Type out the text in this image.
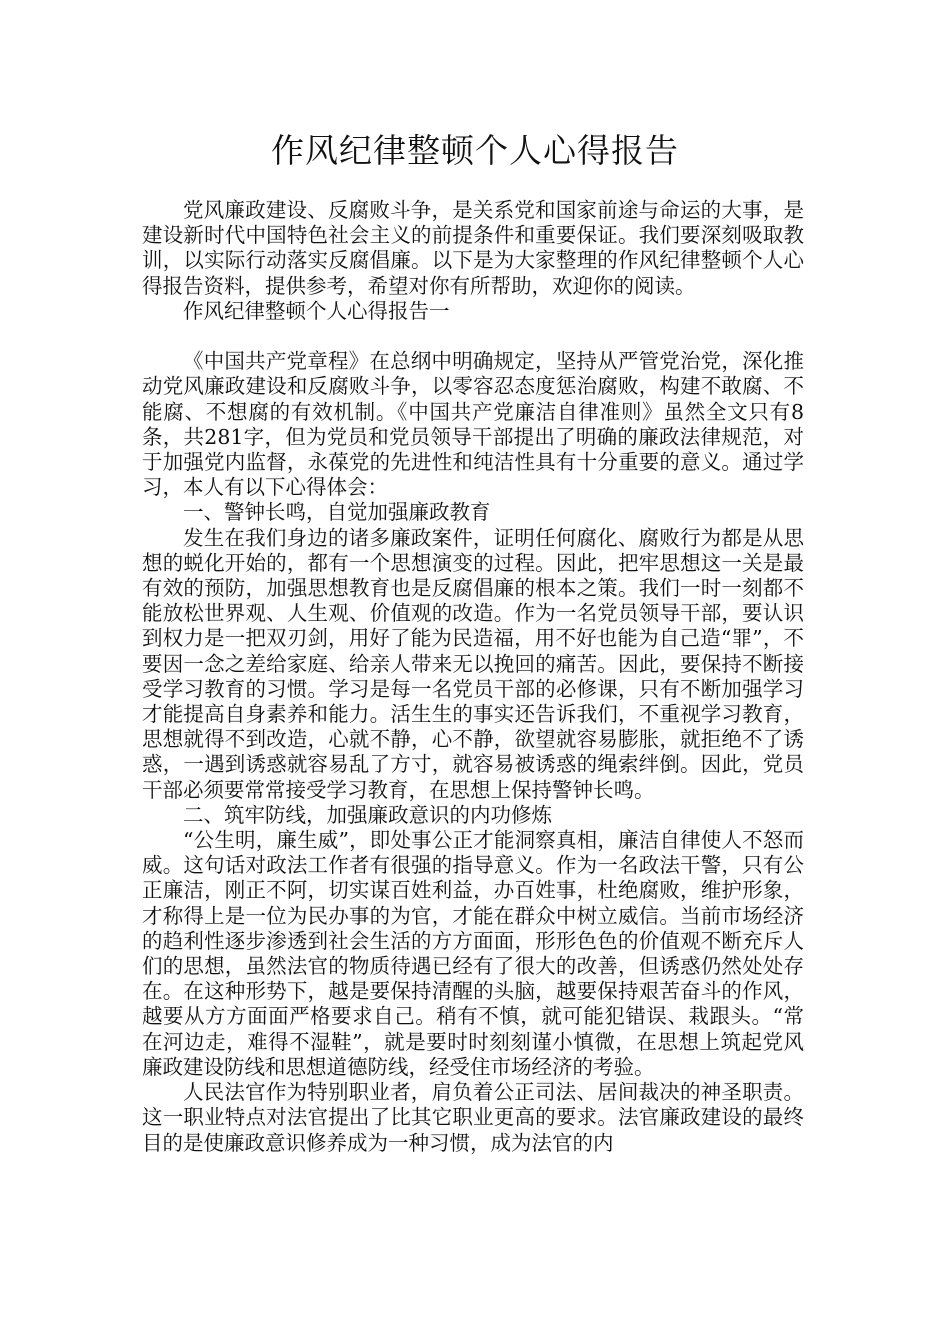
作风纪律整顿个人心得报告

党风廉政建设、反腐败斗争，是关系党和国家前途与命运的大事，是建设新时代中国特色社会主义的前提条件和重要保证。我们要深刻吸取教训，以实际行动落实反腐倡廉。以下是为大家整理的作风纪律整顿个人心得报告资料，提供参考，希望对你有所帮助，欢迎你的阅读。

作风纪律整顿个人心得报告一

《中国共产党章程》在总纲中明确规定，坚持从严管党治党，深化推动党风廉政建设和反腐败斗争，以零容忍态度惩治腐败，构建不敢腐、不能腐、不想腐的有效机制。《中国共产党廉洁自律准则》虽然全文只有8条，共281字，但为党员和党员领导干部提出了明确的廉政法律规范，对于加强党内监督，永葆党的先进性和纯洁性具有十分重要的意义。通过学习，本人有以下心得体会：

一、警钟长鸣，自觉加强廉政教育

发生在我们身边的诸多廉政案件，证明任何腐化、腐败行为都是从思想的蜕化开始的，都有一个思想演变的过程。因此，把牢思想这一关是最有效的预防，加强思想教育也是反腐倡廉的根本之策。我们一时一刻都不能放松世界观、人生观、价值观的改造。作为一名党员领导干部，要认识到权力是一把双刃剑，用好了能为民造福，用不好也能为自己造“罪”，不要因一念之差给家庭、给亲人带来无以挽回的痛苦。因此，要保持不断接受学习教育的习惯。学习是每一名党员干部的必修课，只有不断加强学习才能提高自身素养和能力。活生生的事实还告诉我们，不重视学习教育，思想就得不到改造，心就不静，心不静，欲望就容易膨胀，就拒绝不了诱惑，一遇到诱惑就容易乱了方寸，就容易被诱惑的绳索绊倒。因此，党员干部必须要常常接受学习教育，在思想上保持警钟长鸣。

二、筑牢防线，加强廉政意识的内功修炼

“公生明，廉生威”，即处事公正才能洞察真相，廉洁自律使人不怒而威。这句话对政法工作者有很强的指导意义。作为一名政法干警，只有公正廉洁，刚正不阿，切实谋百姓利益，办百姓事，杜绝腐败，维护形象，才称得上是一位为民办事的为官，才能在群众中树立威信。当前市场经济的趋利性逐步渗透到社会生活的方方面面，形形色色的价值观不断充斥人们的思想，虽然法官的物质待遇已经有了很大的改善，但诱惑仍然处处存在。在这种形势下，越是要保持清醒的头脑，越要保持艰苦奋斗的作风，越要从方方面面严格要求自己。稍有不慎，就可能犯错误、栽跟头。“常在河边走，难得不湿鞋”，就是要时时刻刻谨小慎微，在思想上筑起党风廉政建设防线和思想道德防线，经受住市场经济的考验。

人民法官作为特别职业者，肩负着公正司法、居间裁决的神圣职责。这一职业特点对法官提出了比其它职业更高的要求。法官廉政建设的最终目的是使廉政意识修养成为一种习惯，成为法官的内
